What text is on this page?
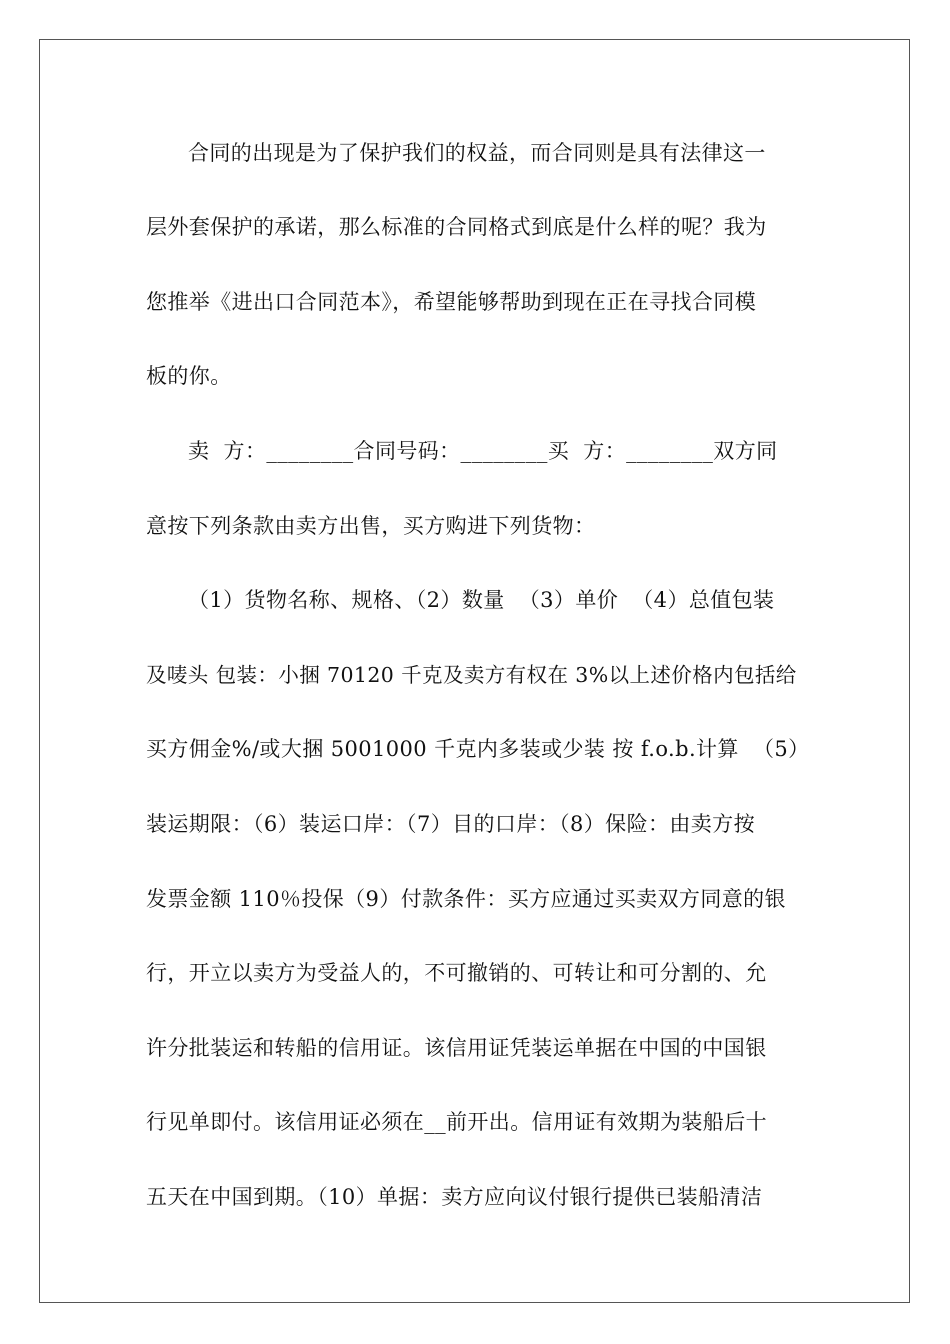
合同的出现是为了保护我们的权益，而合同则是具有法律这一
层外套保护的承诺，那么标准的合同格式到底是什么样的呢？我为
您推举《进出口合同范本》，希望能够帮助到现在正在寻找合同模
板的你。
卖  方：________合同号码：________买  方：________双方同
意按下列条款由卖方出售，买方购进下列货物：
（1）货物名称、规格、（2）数量  （3）单价  （4）总值包装
及唛头 包装：小捆 70120 千克及卖方有权在 3%以上述价格内包括给
买方佣金%/或大捆 5001000 千克内多装或少装 按 f.o.b.计算  （5）
装运期限：（6）装运口岸：（7）目的口岸：（8）保险：由卖方按
发票金额 110％投保（9）付款条件：买方应通过买卖双方同意的银
行，开立以卖方为受益人的，不可撤销的、可转让和可分割的、允
许分批装运和转船的信用证。该信用证凭装运单据在中国的中国银
行见单即付。该信用证必须在__前开出。信用证有效期为装船后十
五天在中国到期。（10）单据：卖方应向议付银行提供已装船清洁
